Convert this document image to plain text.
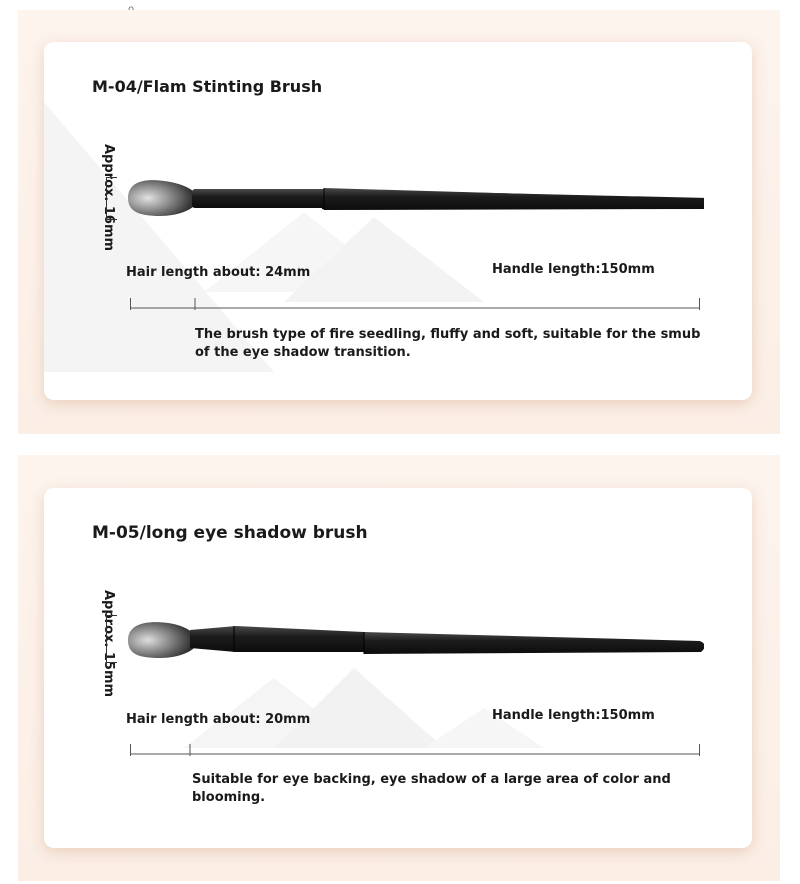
M-04/Flam Stinting Brush
Approx. 16mm
Hair length about: 24mm	Handle length:150mm
The brush type of fire seedling, fluffy and soft, suitable for the smub of the eye shadow transition.
M-05/long eye shadow brush
Approx. 15mm
Hair length about: 20mm	Handle length:150mm
Suitable for eye backing, eye shadow of a large area of color and blooming.
